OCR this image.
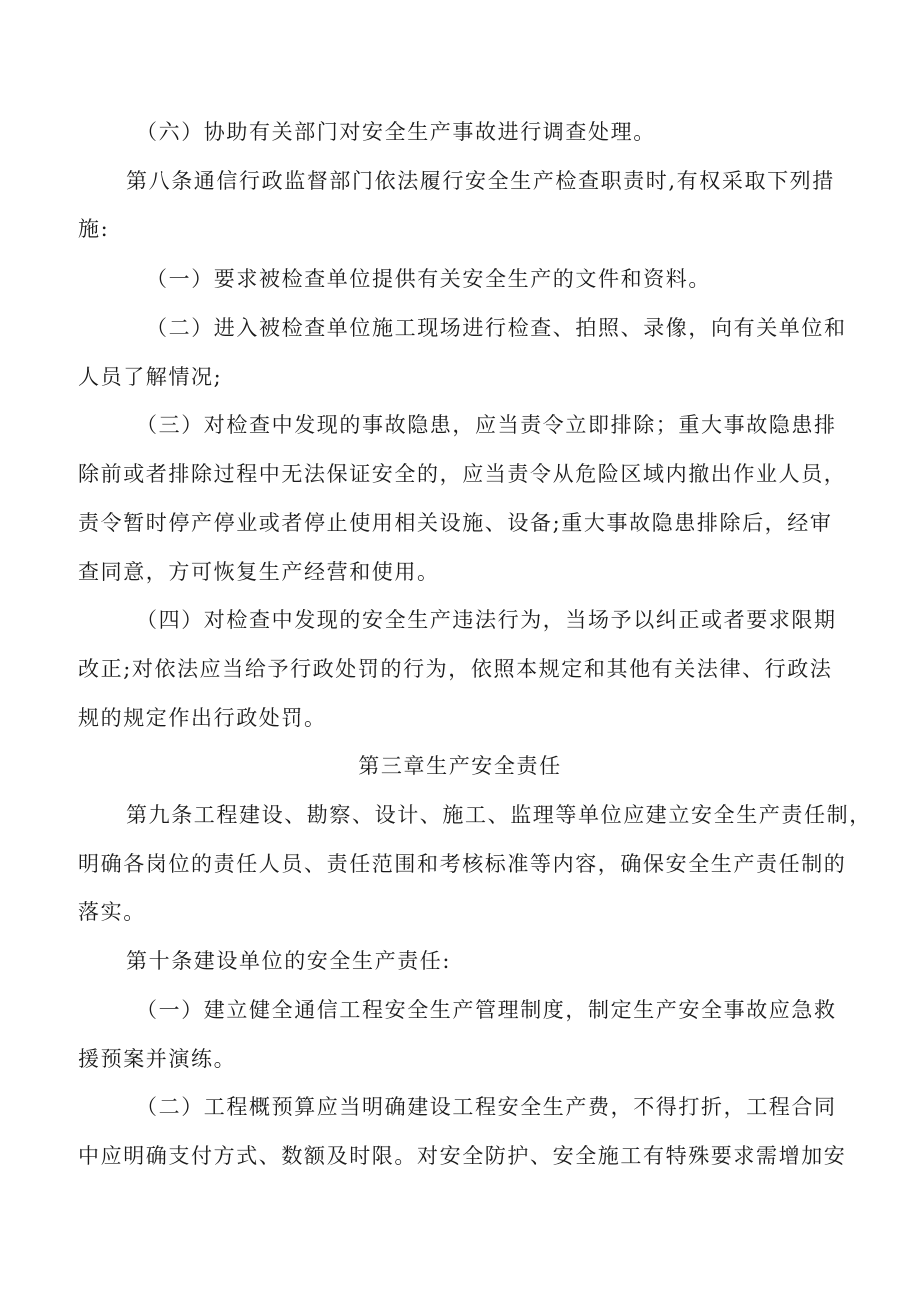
（六）协助有关部门对安全生产事故进行调查处理。
第八条通信行政监督部门依法履行安全生产检查职责时,有权采取下列措
施:
（一）要求被检查单位提供有关安全生产的文件和资料。
（二）进入被检查单位施工现场进行检查、拍照、录像，向有关单位和
人员了解情况;
（三）对检查中发现的事故隐患，应当责令立即排除；重大事故隐患排
除前或者排除过程中无法保证安全的，应当责令从危险区域内撤出作业人员，
责令暂时停产停业或者停止使用相关设施、设备;重大事故隐患排除后，经审
查同意，方可恢复生产经营和使用。
（四）对检查中发现的安全生产违法行为，当场予以纠正或者要求限期
改正;对依法应当给予行政处罚的行为，依照本规定和其他有关法律、行政法
规的规定作出行政处罚。
第三章生产安全责任
第九条工程建设、勘察、设计、施工、监理等单位应建立安全生产责任制，
明确各岗位的责任人员、责任范围和考核标准等内容，确保安全生产责任制的
落实。
第十条建设单位的安全生产责任:
（一）建立健全通信工程安全生产管理制度，制定生产安全事故应急救
援预案并演练。
（二）工程概预算应当明确建设工程安全生产费，不得打折，工程合同
中应明确支付方式、数额及时限。对安全防护、安全施工有特殊要求需增加安
